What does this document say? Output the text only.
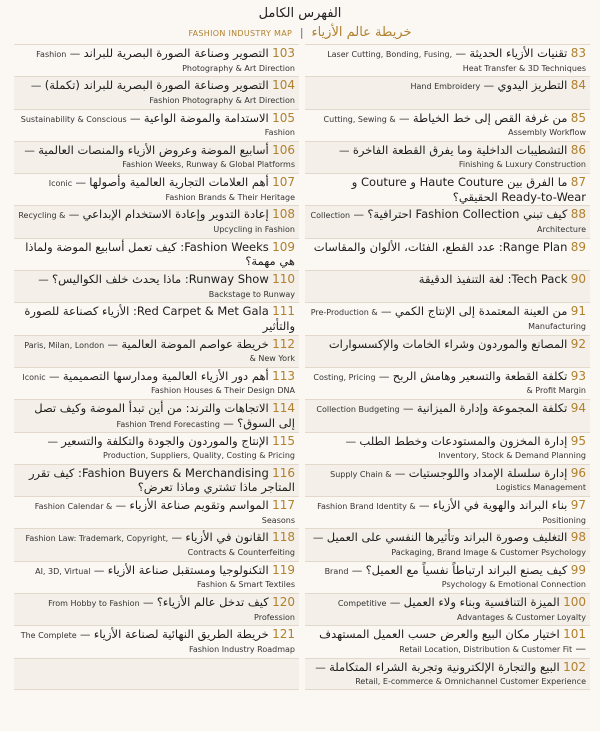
الفهرس الكامل
FASHION INDUSTRY MAP | خريطة عالم الأزياء
83 تقنيات الأزياء الحديثة — Laser Cutting, Bonding, Fusing, Heat Transfer & 3D Techniques
84 التطريز اليدوي — Hand Embroidery
85 من غرفة القص إلى خط الخياطة — Cutting, Sewing & Assembly Workflow
86 التشطيبات الداخلية وما يفرق القطعة الفاخرة — Finishing & Luxury Construction
87 ما الفرق بين Haute Couture و Couture و Ready-to-Wear الحقيقي؟
88 كيف تبني Fashion Collection احترافية؟ — Collection Architecture
89 Range Plan: عدد القطع، الفئات، الألوان والمقاسات
90 Tech Pack: لغة التنفيذ الدقيقة
91 من العينة المعتمدة إلى الإنتاج الكمي — Pre-Production & Manufacturing
92 المصانع والموردون وشراء الخامات والإكسسوارات
93 تكلفة القطعة والتسعير وهامش الربح — Costing, Pricing & Profit Margin
94 تكلفة المجموعة وإدارة الميزانية — Collection Budgeting
95 إدارة المخزون والمستودعات وخطط الطلب — Inventory, Stock & Demand Planning
96 إدارة سلسلة الإمداد واللوجستيات — Supply Chain & Logistics Management
97 بناء البراند والهوية في الأزياء — Fashion Brand Identity & Positioning
98 التغليف وصورة البراند وتأثيرها النفسي على العميل — Packaging, Brand Image & Customer Psychology
99 كيف يصنع البراند ارتباطاً نفسياً مع العميل؟ — Brand Psychology & Emotional Connection
100 الميزة التنافسية وبناء ولاء العميل — Competitive Advantages & Customer Loyalty
101 اختيار مكان البيع والعرض حسب العميل المستهدف — Retail Location, Distribution & Customer Fit
102 البيع والتجارة الإلكترونية وتجربة الشراء المتكاملة — Retail, E-commerce & Omnichannel Customer Experience
103 التصوير وصناعة الصورة البصرية للبراند — Fashion Photography & Art Direction
104 التصوير وصناعة الصورة البصرية للبراند (تكملة) — Fashion Photography & Art Direction
105 الاستدامة والموضة الواعية — Sustainability & Conscious Fashion
106 أسابيع الموضة وعروض الأزياء والمنصات العالمية — Fashion Weeks, Runway & Global Platforms
107 أهم العلامات التجارية العالمية وأصولها — Iconic Fashion Brands & Their Heritage
108 إعادة التدوير وإعادة الاستخدام الإبداعي — Recycling & Upcycling in Fashion
109 Fashion Weeks: كيف تعمل أسابيع الموضة ولماذا هي مهمة؟
110 Runway Show: ماذا يحدث خلف الكواليس؟ — Backstage to Runway
111 Red Carpet & Met Gala: الأزياء كصناعة للصورة والتأثير
112 خريطة عواصم الموضة العالمية — Paris, Milan, London & New York
113 أهم دور الأزياء العالمية ومدارسها التصميمية — Iconic Fashion Houses & Their Design DNA
114 الاتجاهات والترند: من أين تبدأ الموضة وكيف تصل إلى السوق؟ — Fashion Trend Forecasting
115 الإنتاج والموردون والجودة والتكلفة والتسعير — Production, Suppliers, Quality, Costing & Pricing
116 Fashion Buyers & Merchandising: كيف تقرر المتاجر ماذا تشتري وماذا تعرض؟
117 المواسم وتقويم صناعة الأزياء — Fashion Calendar & Seasons
118 القانون في الأزياء — Fashion Law: Trademark, Copyright, Contracts & Counterfeiting
119 التكنولوجيا ومستقبل صناعة الأزياء — AI, 3D, Virtual Fashion & Smart Textiles
120 كيف تدخل عالم الأزياء؟ — From Hobby to Fashion Profession
121 خريطة الطريق النهائية لصناعة الأزياء — The Complete Fashion Industry Roadmap
